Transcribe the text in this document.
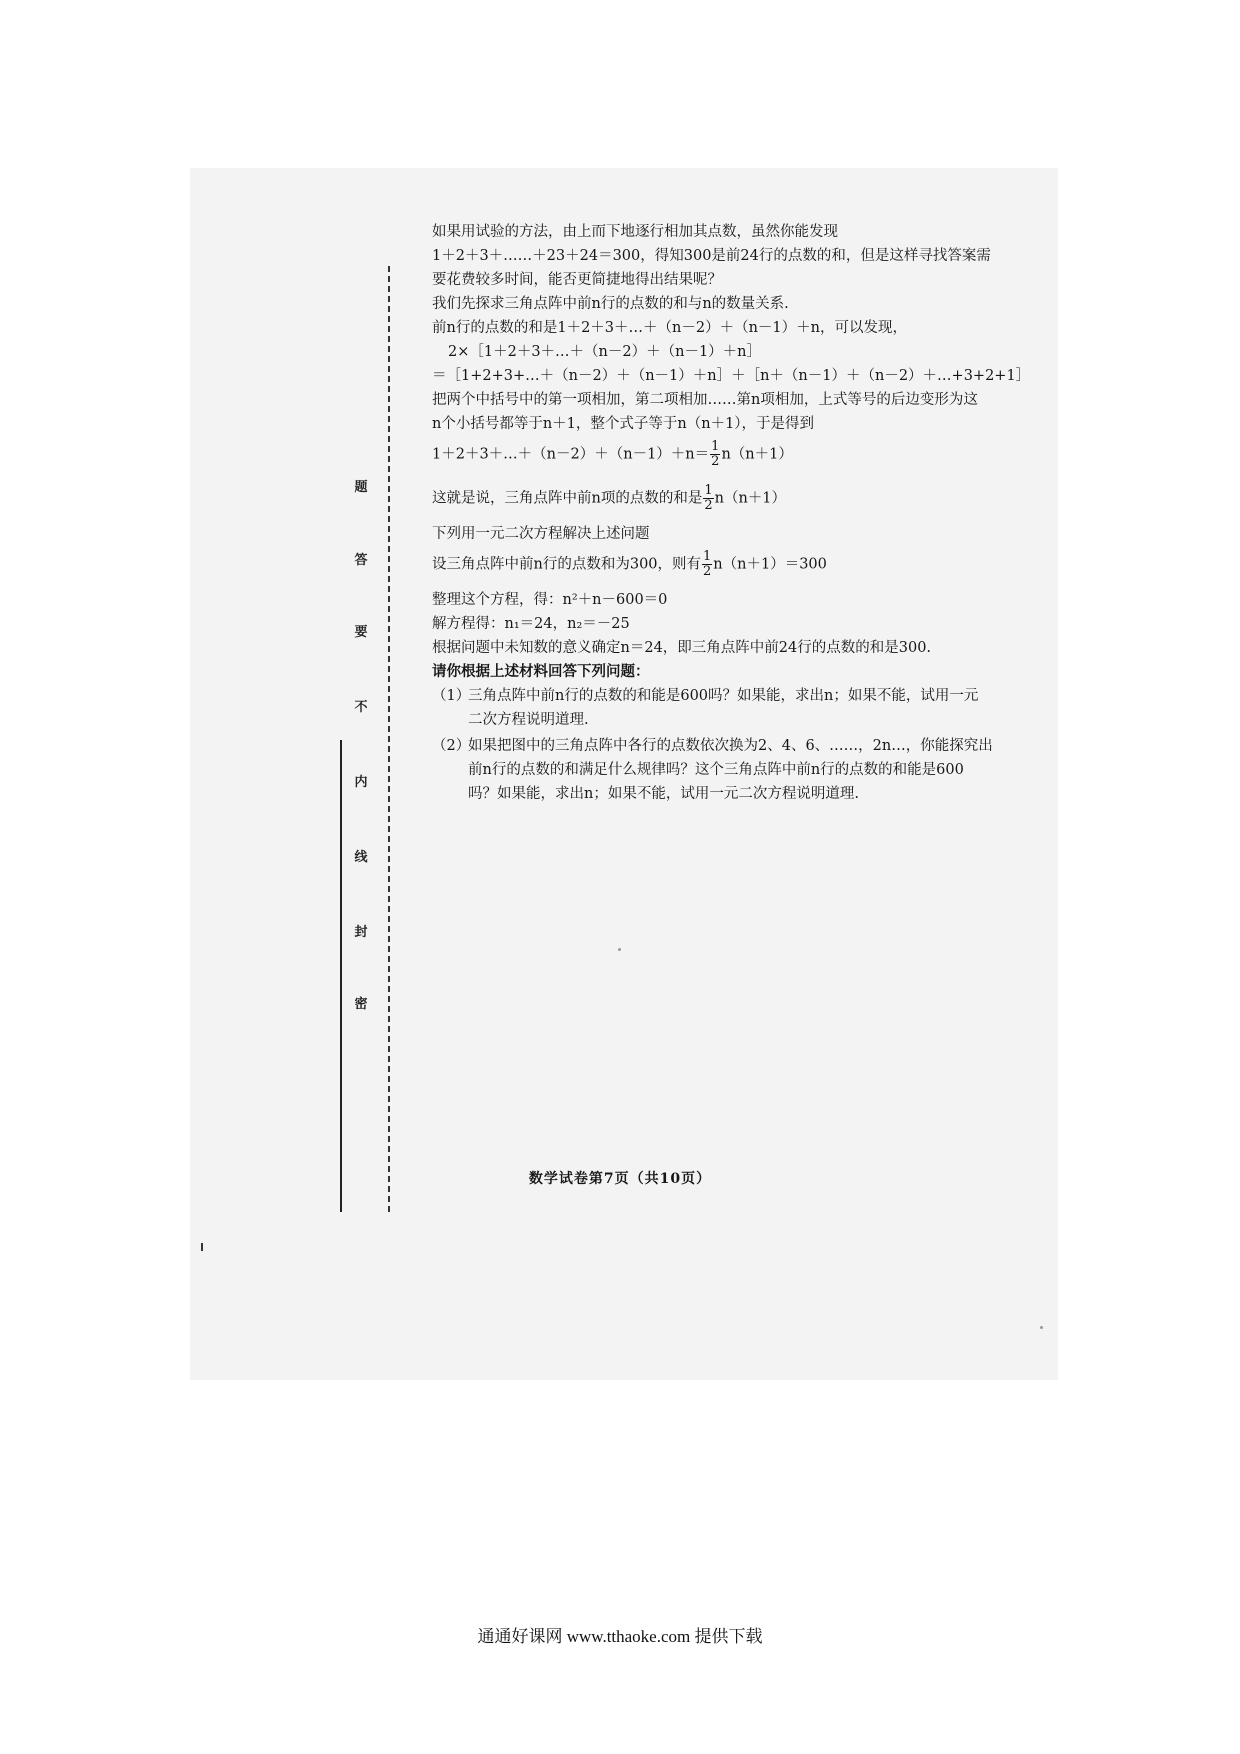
题
答
要
不
内
线
封
密
如果用试验的方法，由上而下地逐行相加其点数，虽然你能发现
1＋2＋3＋……＋23＋24＝300，得知300是前24行的点数的和，但是这样寻找答案需
要花费较多时间，能否更简捷地得出结果呢？
我们先探求三角点阵中前n行的点数的和与n的数量关系.
前n行的点数的和是1＋2＋3＋…＋（n－2）＋（n－1）＋n，可以发现，
2×［1＋2＋3＋…＋（n－2）＋（n－1）＋n］
＝［1+2+3+…＋（n－2）＋（n－1）＋n］＋［n＋（n－1）＋（n－2）＋…+3+2+1］
把两个中括号中的第一项相加，第二项相加……第n项相加，上式等号的后边变形为这
n个小括号都等于n＋1，整个式子等于n（n＋1），于是得到
1＋2＋3＋…＋（n－2）＋（n－1）＋n＝ $\frac{1}{2} n(n+1)$
这就是说，三角点阵中前n项的点数的和是 $\frac{1}{2} n(n+1)$
下列用一元二次方程解决上述问题
设三角点阵中前n行的点数和为300，则有 $\frac{1}{2} n(n+1)=300$
整理这个方程，得：n²＋n－600＝0
解方程得：n₁＝24，n₂＝－25
根据问题中未知数的意义确定n＝24，即三角点阵中前24行的点数的和是300.
请你根据上述材料回答下列问题：
（1）
三角点阵中前n行的点数的和能是600吗？如果能，求出n；如果不能，试用一元
二次方程说明道理.
（2）
如果把图中的三角点阵中各行的点数依次换为2、4、6、……，2n…，你能探究出
前n行的点数的和满足什么规律吗？这个三角点阵中前n行的点数的和能是600
吗？如果能，求出n；如果不能，试用一元二次方程说明道理.
数学试卷第7页（共10页）
通通好课网 www.tthaoke.com 提供下载
